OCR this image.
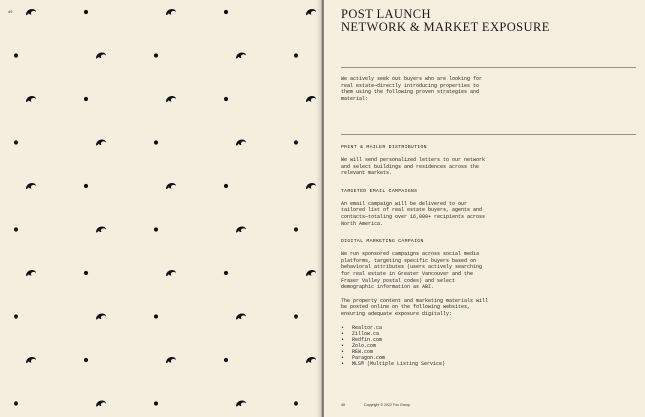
49	POST LAUNCH
NETWORK & MARKET EXPOSURE

We actively seek out buyers who are looking for real estate—directly introducing properties to them using the following proven strategies and material:

PRINT & MAILER DISTRIBUTION

We will send personalized letters to our network and select buildings and residences across the relevant markets.

TARGETED EMAIL CAMPAIGNS

An email campaign will be delivered to our tailored list of real estate buyers, agents and contacts—totaling over 16,000+ recipients across North America.

DIGITAL MARKETING CAMPAIGN

We run sponsored campaigns across social media platforms, targeting specific buyers based on behavioral attributes (users actively searching for real estate in Greater Vancouver and the Fraser Valley postal codes) and select demographic information as ABI.

The property content and marketing materials will be posted online on the following websites, ensuring adequate exposure digitally:

• Realtor.ca
• Zillow.ca
• Redfin.com
• Zolo.com
• REW.com
• Paragon.com
• MLS® (Multiple Listing Service)
48	Copyright © 2022 Fox Group
